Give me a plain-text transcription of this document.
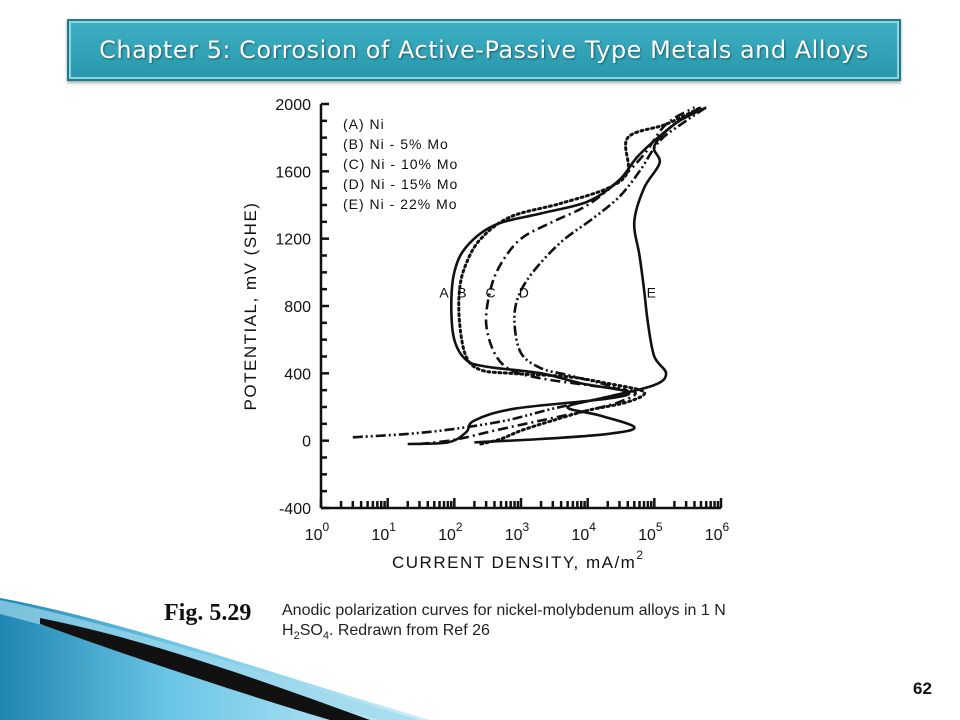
Chapter 5: Corrosion of Active-Passive Type Metals and Alloys
-400
0
400
800
1200
1600
2000
$10^0$	$10^1$	$10^2$	$10^3$	$10^4$	$10^5$	$10^6$
(A) Ni
(B) Ni - 5% Mo
(C) Ni - 10% Mo
(D) Ni - 15% Mo
(E) Ni - 22% Mo
A B C D	E
POTENTIAL, mV (SHE)
CURRENT DENSITY, $mA/m^2$
Fig. 5.29 Anodic polarization curves for nickel-molybdenum alloys in 1 N
$H_2SO_4$. Redrawn from Ref 26
62
